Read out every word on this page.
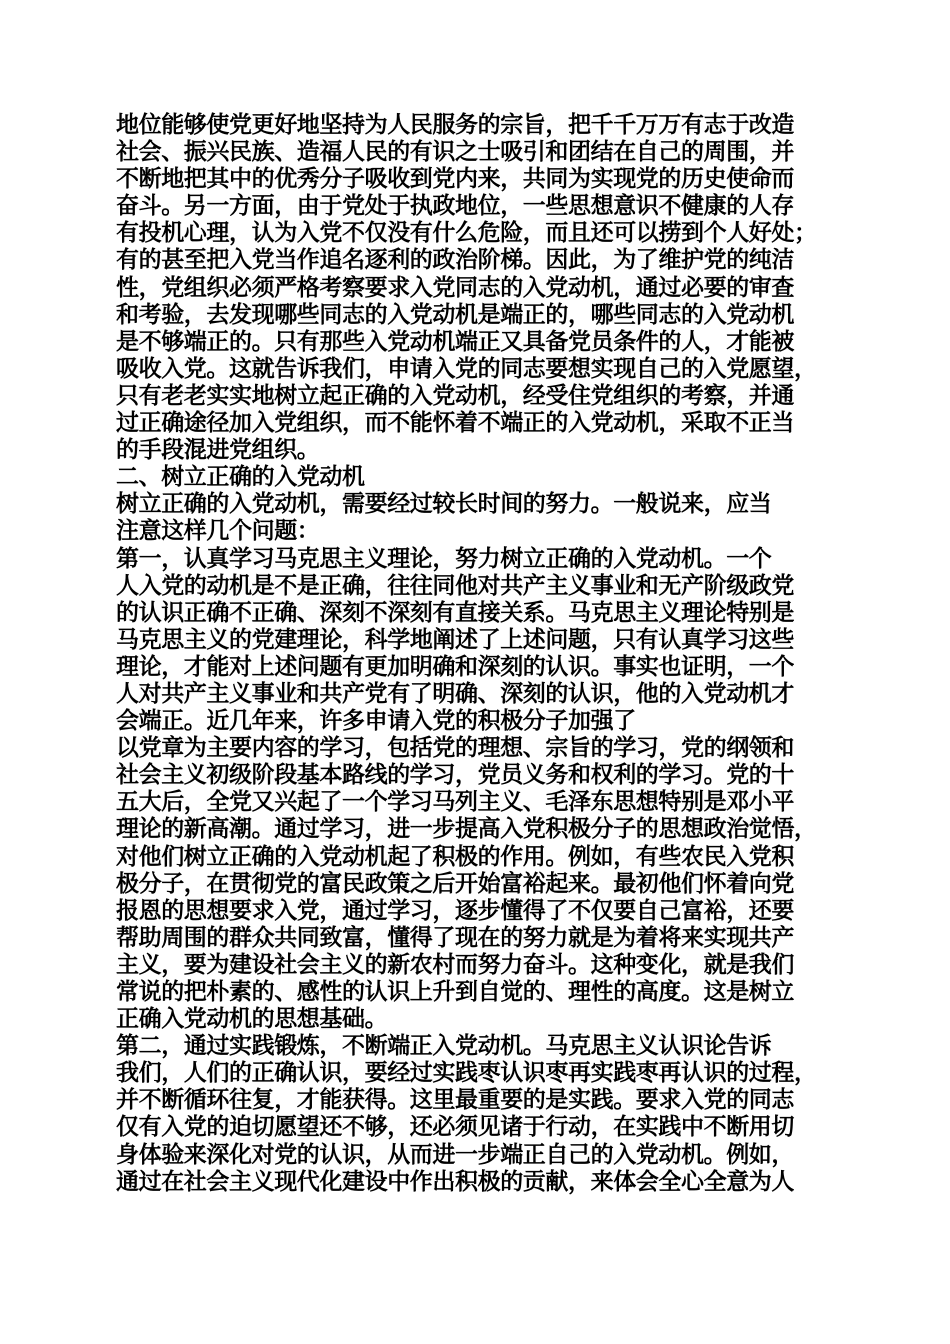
地位能够使党更好地坚持为人民服务的宗旨，把千千万万有志于改造
社会、振兴民族、造福人民的有识之士吸引和团结在自己的周围，并
不断地把其中的优秀分子吸收到党内来，共同为实现党的历史使命而
奋斗。另一方面，由于党处于执政地位，一些思想意识不健康的人存
有投机心理，认为入党不仅没有什么危险，而且还可以捞到个人好处；
有的甚至把入党当作追名逐利的政治阶梯。因此，为了维护党的纯洁
性，党组织必须严格考察要求入党同志的入党动机，通过必要的审查
和考验，去发现哪些同志的入党动机是端正的，哪些同志的入党动机
是不够端正的。只有那些入党动机端正又具备党员条件的人，才能被
吸收入党。这就告诉我们，申请入党的同志要想实现自己的入党愿望，
只有老老实实地树立起正确的入党动机，经受住党组织的考察，并通
过正确途径加入党组织，而不能怀着不端正的入党动机，采取不正当
的手段混进党组织。
二、树立正确的入党动机
树立正确的入党动机，需要经过较长时间的努力。一般说来，应当
注意这样几个问题：
第一，认真学习马克思主义理论，努力树立正确的入党动机。一个
人入党的动机是不是正确，往往同他对共产主义事业和无产阶级政党
的认识正确不正确、深刻不深刻有直接关系。马克思主义理论特别是
马克思主义的党建理论，科学地阐述了上述问题，只有认真学习这些
理论，才能对上述问题有更加明确和深刻的认识。事实也证明，一个
人对共产主义事业和共产党有了明确、深刻的认识，他的入党动机才
会端正。近几年来，许多申请入党的积极分子加强了
以党章为主要内容的学习，包括党的理想、宗旨的学习，党的纲领和
社会主义初级阶段基本路线的学习，党员义务和权利的学习。党的十
五大后，全党又兴起了一个学习马列主义、毛泽东思想特别是邓小平
理论的新高潮。通过学习，进一步提高入党积极分子的思想政治觉悟，
对他们树立正确的入党动机起了积极的作用。例如，有些农民入党积
极分子，在贯彻党的富民政策之后开始富裕起来。最初他们怀着向党
报恩的思想要求入党，通过学习，逐步懂得了不仅要自己富裕，还要
帮助周围的群众共同致富，懂得了现在的努力就是为着将来实现共产
主义，要为建设社会主义的新农村而努力奋斗。这种变化，就是我们
常说的把朴素的、感性的认识上升到自觉的、理性的高度。这是树立
正确入党动机的思想基础。
第二，通过实践锻炼，不断端正入党动机。马克思主义认识论告诉
我们，人们的正确认识，要经过实践枣认识枣再实践枣再认识的过程，
并不断循环往复，才能获得。这里最重要的是实践。要求入党的同志
仅有入党的迫切愿望还不够，还必须见诸于行动，在实践中不断用切
身体验来深化对党的认识，从而进一步端正自己的入党动机。例如，
通过在社会主义现代化建设中作出积极的贡献，来体会全心全意为人
